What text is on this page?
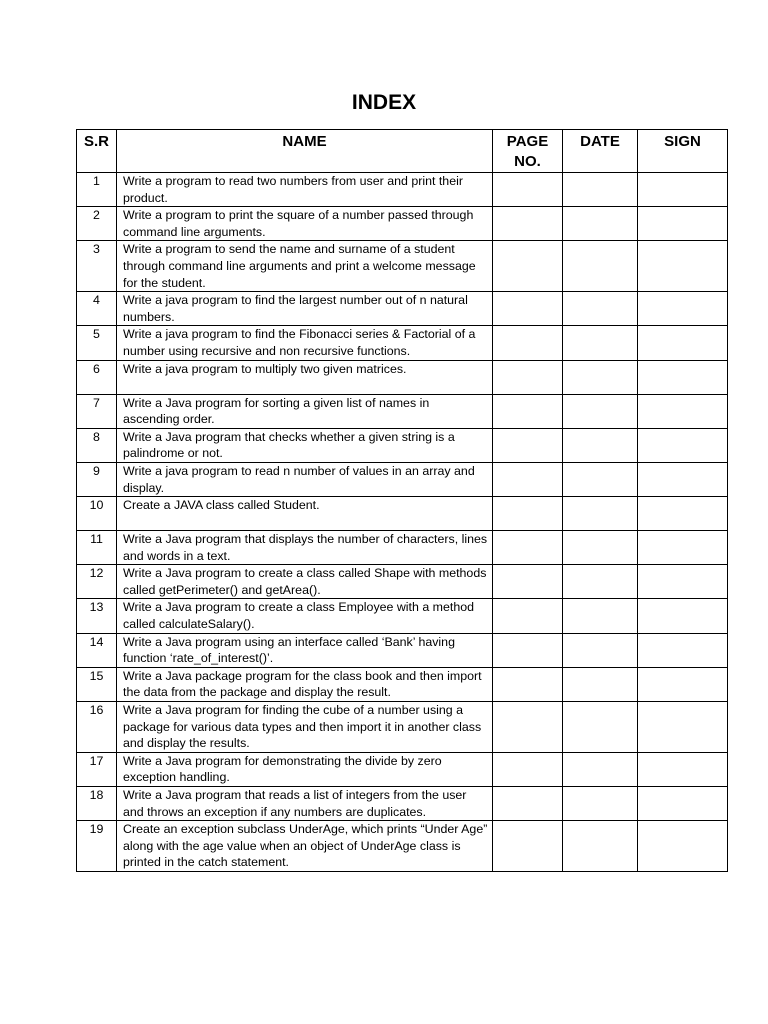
INDEX
S.R	NAME	PAGE NO.	DATE	SIGN
1	Write a program to read two numbers from user and print their product.			
2	Write a program to print the square of a number passed through command line arguments.			
3	Write a program to send the name and surname of a student through command line arguments and print a welcome message for the student.			
4	Write a java program to find the largest number out of n natural numbers.			
5	Write a java program to find the Fibonacci series & Factorial of a number using recursive and non recursive functions.			
6	Write a java program to multiply two given matrices.			
7	Write a Java program for sorting a given list of names in ascending order.			
8	Write a Java program that checks whether a given string is a palindrome or not.			
9	Write a java program to read n number of values in an array and display.			
10	Create a JAVA class called Student.			
11	Write a Java program that displays the number of characters, lines and words in a text.			
12	Write a Java program to create a class called Shape with methods called getPerimeter() and getArea().			
13	Write a Java program to create a class Employee with a method called calculateSalary().			
14	Write a Java program using an interface called ‘Bank’ having function ‘rate_of_interest()’.			
15	Write a Java package program for the class book and then import the data from the package and display the result.			
16	Write a Java program for finding the cube of a number using a package for various data types and then import it in another class and display the results.			
17	Write a Java program for demonstrating the divide by zero exception handling.			
18	Write a Java program that reads a list of integers from the user and throws an exception if any numbers are duplicates.			
19	Create an exception subclass UnderAge, which prints “Under Age” along with the age value when an object of UnderAge class is printed in the catch statement.			
